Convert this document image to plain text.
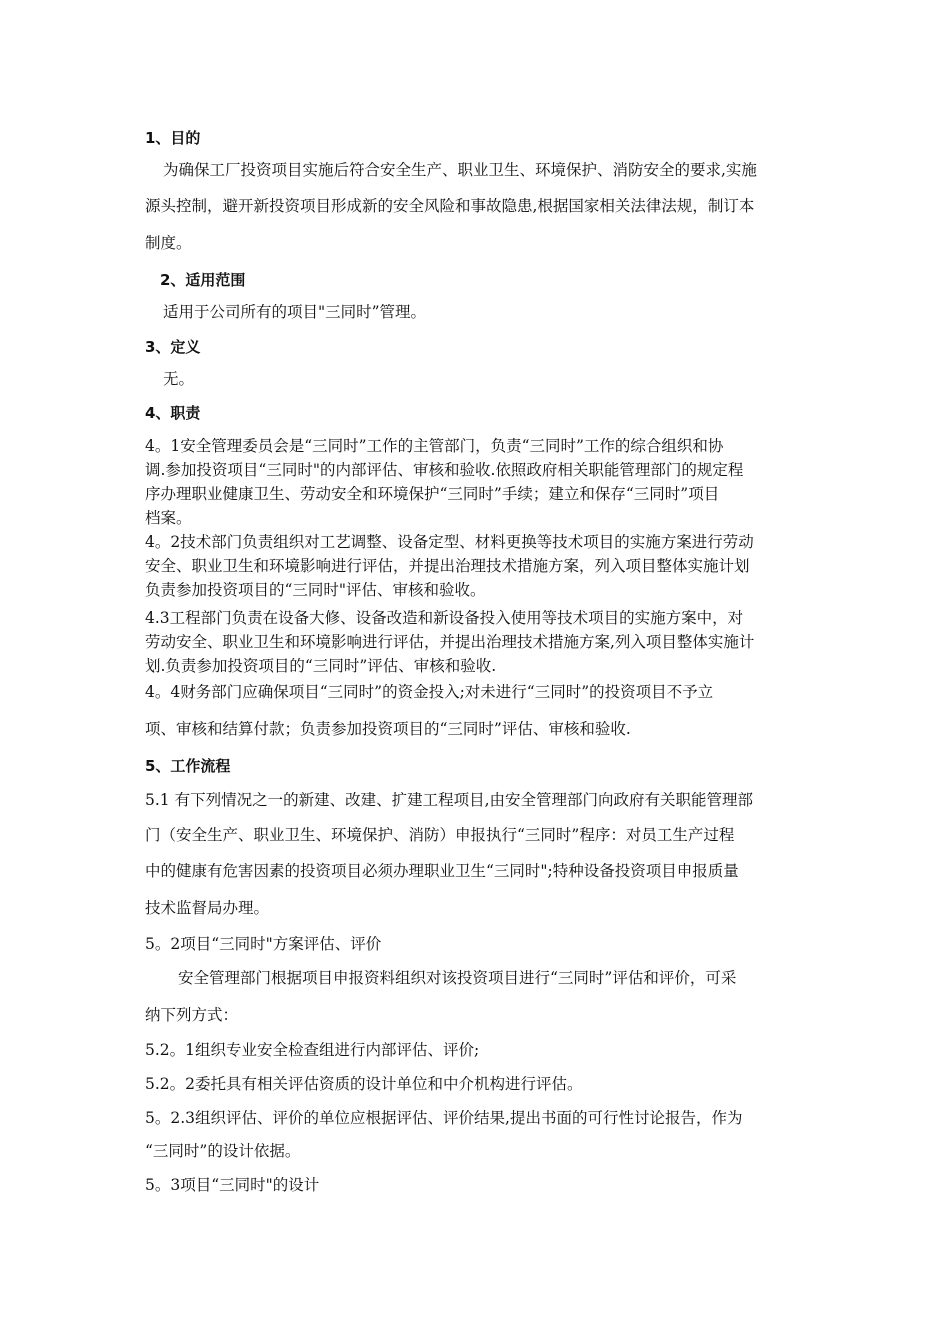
1、目的
为确保工厂投资项目实施后符合安全生产、职业卫生、环境保护、消防安全的要求,实施
源头控制，避开新投资项目形成新的安全风险和事故隐患,根据国家相关法律法规，制订本
制度。
2、适用范围
适用于公司所有的项目"三同时”管理。
3、定义
无。
4、职责
4。1安全管理委员会是“三同时”工作的主管部门，负责“三同时”工作的综合组织和协
调.参加投资项目“三同时"的内部评估、审核和验收.依照政府相关职能管理部门的规定程
序办理职业健康卫生、劳动安全和环境保护“三同时”手续；建立和保存“三同时”项目
档案。
4。2技术部门负责组织对工艺调整、设备定型、材料更换等技术项目的实施方案进行劳动
安全、职业卫生和环境影响进行评估，并提出治理技术措施方案，列入项目整体实施计划
负责参加投资项目的“三同时"评估、审核和验收。
4.3工程部门负责在设备大修、设备改造和新设备投入使用等技术项目的实施方案中，对
劳动安全、职业卫生和环境影响进行评估，并提出治理技术措施方案,列入项目整体实施计
划.负责参加投资项目的“三同时”评估、审核和验收.
4。4财务部门应确保项目“三同时”的资金投入;对未进行“三同时”的投资项目不予立
项、审核和结算付款；负责参加投资项目的“三同时”评估、审核和验收.
5、工作流程
5.1 有下列情况之一的新建、改建、扩建工程项目,由安全管理部门向政府有关职能管理部
门（安全生产、职业卫生、环境保护、消防）申报执行“三同时”程序：对员工生产过程
中的健康有危害因素的投资项目必须办理职业卫生“三同时";特种设备投资项目申报质量
技术监督局办理。
5。2项目“三同时"方案评估、评价
安全管理部门根据项目申报资料组织对该投资项目进行“三同时”评估和评价，可采
纳下列方式：
5.2。1组织专业安全检查组进行内部评估、评价;
5.2。2委托具有相关评估资质的设计单位和中介机构进行评估。
5。2.3组织评估、评价的单位应根据评估、评价结果,提出书面的可行性讨论报告，作为
“三同时”的设计依据。
5。3项目“三同时"的设计
